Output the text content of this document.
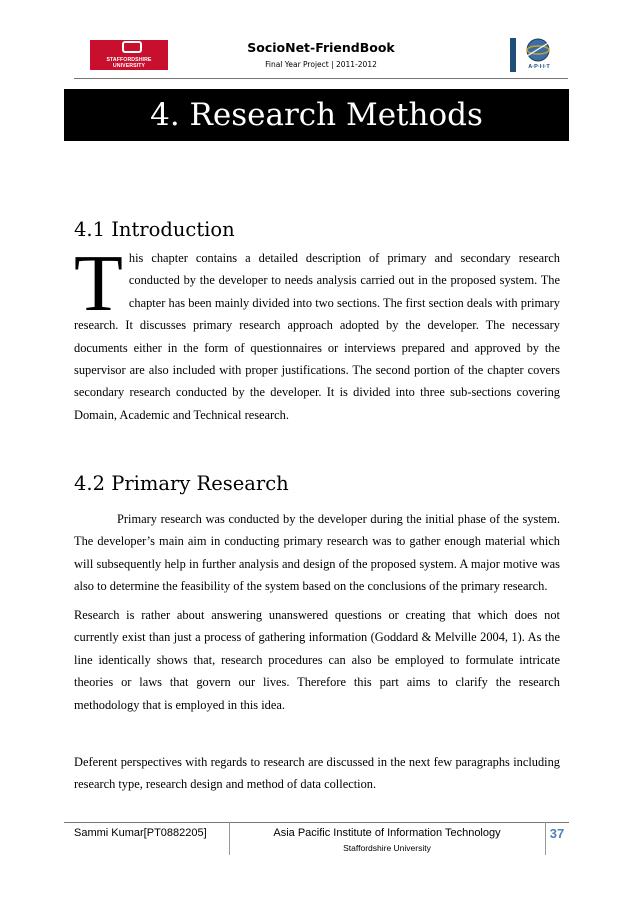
STAFFORDSHIRE UNIVERSITY
SocioNet-FriendBook
Final Year Project | 2011-2012	A·P·I·I·T
4. Research Methods
4.1 Introduction
This chapter contains a detailed description of primary and secondary research conducted by the developer to needs analysis carried out in the proposed system. The chapter has been mainly divided into two sections. The first section deals with primary research. It discusses primary research approach adopted by the developer. The necessary documents either in the form of questionnaires or interviews prepared and approved by the supervisor are also included with proper justifications. The second portion of the chapter covers secondary research conducted by the developer. It is divided into three sub-sections covering Domain, Academic and Technical research.
4.2 Primary Research
Primary research was conducted by the developer during the initial phase of the system. The developer’s main aim in conducting primary research was to gather enough material which will subsequently help in further analysis and design of the proposed system. A major motive was also to determine the feasibility of the system based on the conclusions of the primary research.
Research is rather about answering unanswered questions or creating that which does not currently exist than just a process of gathering information (Goddard & Melville 2004, 1). As the line identically shows that, research procedures can also be employed to formulate intricate theories or laws that govern our lives. Therefore this part aims to clarify the research methodology that is employed in this idea.
Deferent perspectives with regards to research are discussed in the next few paragraphs including research type, research design and method of data collection.
Sammi Kumar[PT0882205]	Asia Pacific Institute of Information Technology
Staffordshire University
37
